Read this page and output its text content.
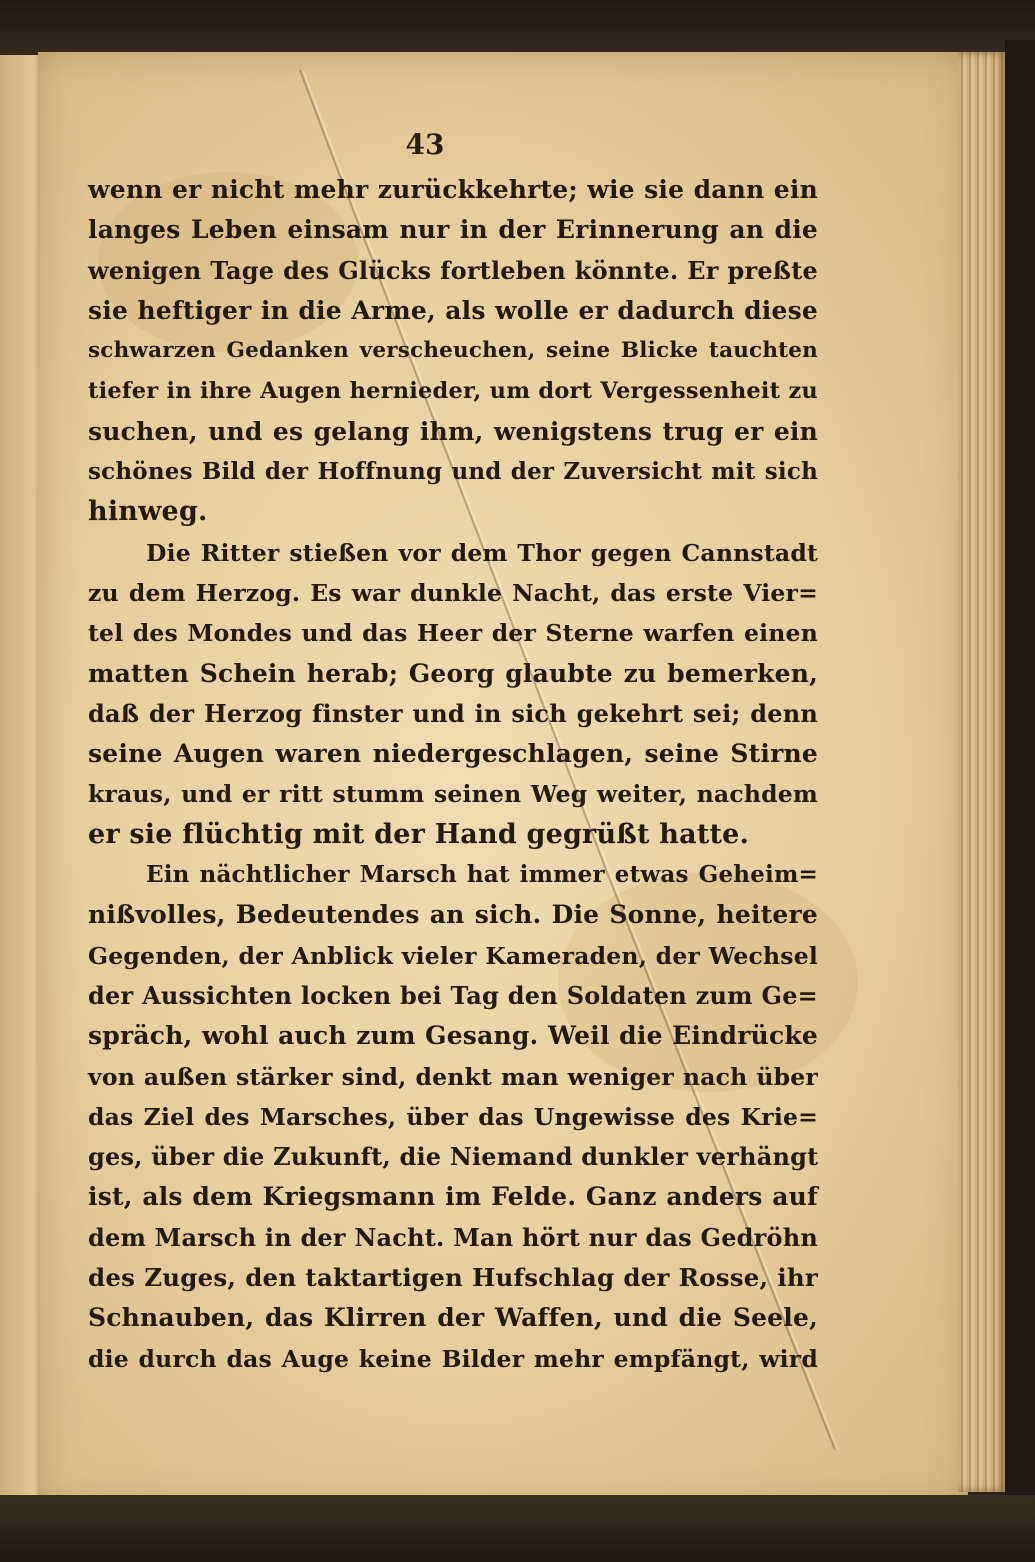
43
wenn er nicht mehr zurückkehrte; wie sie dann ein
langes Leben einsam nur in der Erinnerung an die
wenigen Tage des Glücks fortleben könnte. Er preßte
sie heftiger in die Arme, als wolle er dadurch diese
schwarzen Gedanken verscheuchen, seine Blicke tauchten
tiefer in ihre Augen hernieder, um dort Vergessenheit zu
suchen, und es gelang ihm, wenigstens trug er ein
schönes Bild der Hoffnung und der Zuversicht mit sich
hinweg.
Die Ritter stießen vor dem Thor gegen Cannstadt
zu dem Herzog. Es war dunkle Nacht, das erste Vier=
tel des Mondes und das Heer der Sterne warfen einen
matten Schein herab; Georg glaubte zu bemerken,
daß der Herzog finster und in sich gekehrt sei; denn
seine Augen waren niedergeschlagen, seine Stirne
kraus, und er ritt stumm seinen Weg weiter, nachdem
er sie flüchtig mit der Hand gegrüßt hatte.
Ein nächtlicher Marsch hat immer etwas Geheim=
nißvolles, Bedeutendes an sich. Die Sonne, heitere
Gegenden, der Anblick vieler Kameraden, der Wechsel
der Aussichten locken bei Tag den Soldaten zum Ge=
spräch, wohl auch zum Gesang. Weil die Eindrücke
von außen stärker sind, denkt man weniger nach über
das Ziel des Marsches, über das Ungewisse des Krie=
ges, über die Zukunft, die Niemand dunkler verhängt
ist, als dem Kriegsmann im Felde. Ganz anders auf
dem Marsch in der Nacht. Man hört nur das Gedröhn
des Zuges, den taktartigen Hufschlag der Rosse, ihr
Schnauben, das Klirren der Waffen, und die Seele,
die durch das Auge keine Bilder mehr empfängt, wird
